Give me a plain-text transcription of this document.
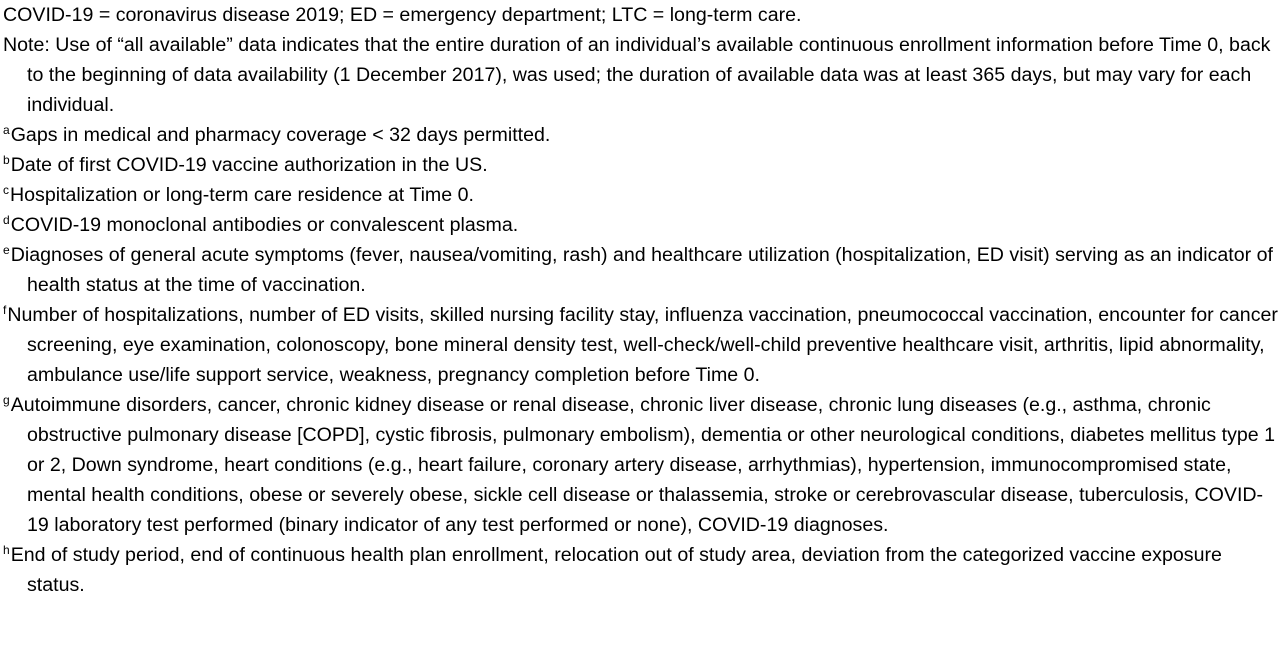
COVID-19 = coronavirus disease 2019; ED = emergency department; LTC = long-term care.

Note: Use of “all available” data indicates that the entire duration of an individual’s available continuous enrollment information before Time 0, back to the beginning of data availability (1 December 2017), was used; the duration of available data was at least 365 days, but may vary for each individual.

$^a$Gaps in medical and pharmacy coverage < 32 days permitted.

$^b$Date of first COVID-19 vaccine authorization in the US.

$^c$Hospitalization or long-term care residence at Time 0.

$^d$COVID-19 monoclonal antibodies or convalescent plasma.

$^e$Diagnoses of general acute symptoms (fever, nausea/vomiting, rash) and healthcare utilization (hospitalization, ED visit) serving as an indicator of health status at the time of vaccination.

$^f$Number of hospitalizations, number of ED visits, skilled nursing facility stay, influenza vaccination, pneumococcal vaccination, encounter for cancer screening, eye examination, colonoscopy, bone mineral density test, well-check/well-child preventive healthcare visit, arthritis, lipid abnormality, ambulance use/life support service, weakness, pregnancy completion before Time 0.

$^g$Autoimmune disorders, cancer, chronic kidney disease or renal disease, chronic liver disease, chronic lung diseases (e.g., asthma, chronic obstructive pulmonary disease [COPD], cystic fibrosis, pulmonary embolism), dementia or other neurological conditions, diabetes mellitus type 1 or 2, Down syndrome, heart conditions (e.g., heart failure, coronary artery disease, arrhythmias), hypertension, immunocompromised state, mental health conditions, obese or severely obese, sickle cell disease or thalassemia, stroke or cerebrovascular disease, tuberculosis, COVID-19 laboratory test performed (binary indicator of any test performed or none), COVID-19 diagnoses.

$^h$End of study period, end of continuous health plan enrollment, relocation out of study area, deviation from the categorized vaccine exposure status.
